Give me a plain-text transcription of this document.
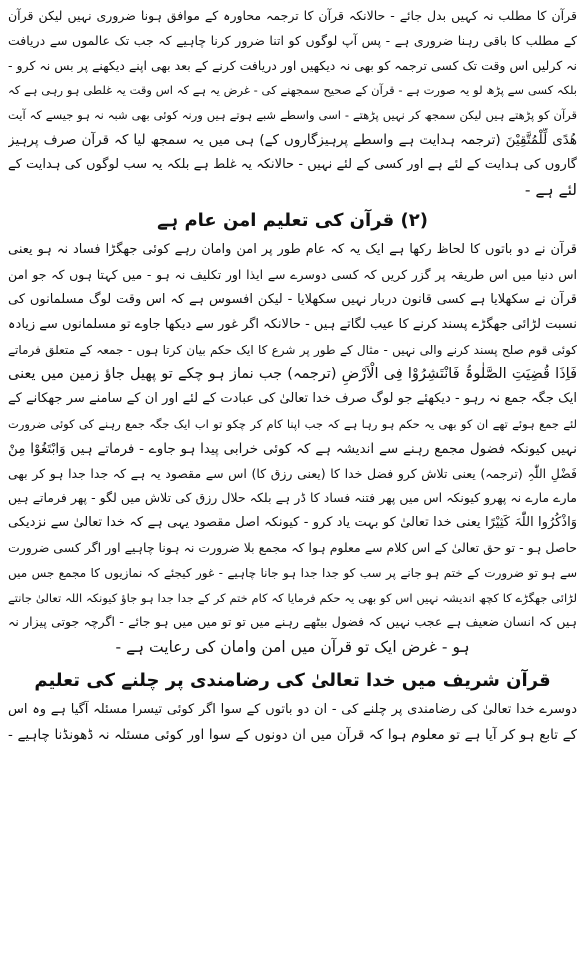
قرآن کا مطلب نہ کہیں بدل جائے - حالانکہ قرآن کا ترجمہ محاورہ کے موافق ہونا ضروری نہیں لیکن قرآن
کے مطلب کا باقی رہنا ضروری ہے - پس آپ لوگوں کو اتنا ضرور کرنا چاہیے کہ جب تک عالموں سے دریافت
نہ کرلیں اس وقت تک کسی ترجمہ کو بھی نہ دیکھیں اور دریافت کرنے کے بعد بھی اپنے دیکھنے پر بس نہ کرو -
بلکہ کسی سے پڑھ لو یہ صورت ہے - قرآن کے صحیح سمجھنے کی - غرض یہ ہے کہ اس وقت یہ غلطی ہو رہی ہے کہ
قرآن کو پڑھتے ہیں لیکن سمجھ کر نہیں پڑھتے - اسی واسطے شبے ہوتے ہیں ورنہ کوئی بھی شبہ نہ ہو جیسے کہ آیت
ھُدًی لِّلْمُتَّقِیْنَ (ترجمہ ہدایت ہے واسطے پرہیزگاروں کے) ہی میں یہ سمجھ لیا کہ قرآن صرف پرہیز
گاروں کی ہدایت کے لئے ہے اور کسی کے لئے نہیں - حالانکہ یہ غلط ہے بلکہ یہ سب لوگوں کی ہدایت کے
لئے ہے -
(۲) قرآن کی تعلیم امن عام ہے
قرآن نے دو باتوں کا لحاظ رکھا ہے ایک یہ کہ عام طور پر امن وامان رہے کوئی جھگڑا فساد نہ ہو یعنی
اس دنیا میں اس طریقہ پر گزر کریں کہ کسی دوسرے سے ایذا اور تکلیف نہ ہو - میں کہتا ہوں کہ جو امن
قرآن نے سکھلایا ہے کسی قانون دربار نہیں سکھلایا - لیکن افسوس ہے کہ اس وقت لوگ مسلمانوں کی
نسبت لڑائی جھگڑے پسند کرنے کا عیب لگاتے ہیں - حالانکہ اگر غور سے دیکھا جاوے تو مسلمانوں سے زیادہ
کوئی قوم صلح پسند کرنے والی نہیں - مثال کے طور پر شرع کا ایک حکم بیان کرتا ہوں - جمعہ کے متعلق فرماتے
فَاِذَا قُضِیَتِ الصَّلٰوۃُ فَانْتَشِرُوْا فِی الْاَرْضِ (ترجمہ) جب نماز ہو چکے تو پھیل جاؤ زمین میں یعنی
ایک جگہ جمع نہ رہو - دیکھئے جو لوگ صرف خدا تعالیٰ کی عبادت کے لئے اور ان کے سامنے سر جھکانے کے
لئے جمع ہوئے تھے ان کو بھی یہ حکم ہو رہا ہے کہ جب اپنا کام کر چکو تو اب ایک جگہ جمع رہنے کی کوئی ضرورت
نہیں کیونکہ فضول مجمع رہنے سے اندیشہ ہے کہ کوئی خرابی پیدا ہو جاوے - فرماتے ہیں وَابْتَغُوْا مِنْ
فَضْلِ اللّٰہِ (ترجمہ) یعنی تلاش کرو فضل خدا کا (یعنی رزق کا) اس سے مقصود یہ ہے کہ جدا جدا ہو کر بھی
مارے مارے نہ پھرو کیونکہ اس میں پھر فتنہ فساد کا ڈر ہے بلکہ حلال رزق کی تلاش میں لگو - پھر فرماتے ہیں
وَاذْکُرُوا اللّٰہَ کَثِیْرًا یعنی خدا تعالیٰ کو بہت یاد کرو - کیونکہ اصل مقصود یہی ہے کہ خدا تعالیٰ سے نزدیکی
حاصل ہو - تو حق تعالیٰ کے اس کلام سے معلوم ہوا کہ مجمع بلا ضرورت نہ ہونا چاہیے اور اگر کسی ضرورت
سے ہو تو ضرورت کے ختم ہو جانے پر سب کو جدا جدا ہو جانا چاہیے - غور کیجئے کہ نمازیوں کا مجمع جس میں
لڑائی جھگڑے کا کچھ اندیشہ نہیں اس کو بھی یہ حکم فرمایا کہ کام ختم کر کے جدا جدا ہو جاؤ کیونکہ اللہ تعالیٰ جانتے
ہیں کہ انسان ضعیف ہے عجب نہیں کہ فضول بیٹھے رہنے میں تو تو میں میں ہو جائے - اگرچہ جوتی پیزار نہ
ہو - غرض ایک تو قرآن میں امن وامان کی رعایت ہے -
قرآن شریف میں خدا تعالیٰ کی رضامندی پر چلنے کی تعلیم
دوسرے خدا تعالیٰ کی رضامندی پر چلنے کی - ان دو باتوں کے سوا اگر کوئی تیسرا مسئلہ آگیا ہے وہ اس
کے تابع ہو کر آیا ہے تو معلوم ہوا کہ قرآن میں ان دونوں کے سوا اور کوئی مسئلہ نہ ڈھونڈنا چاہیے -
